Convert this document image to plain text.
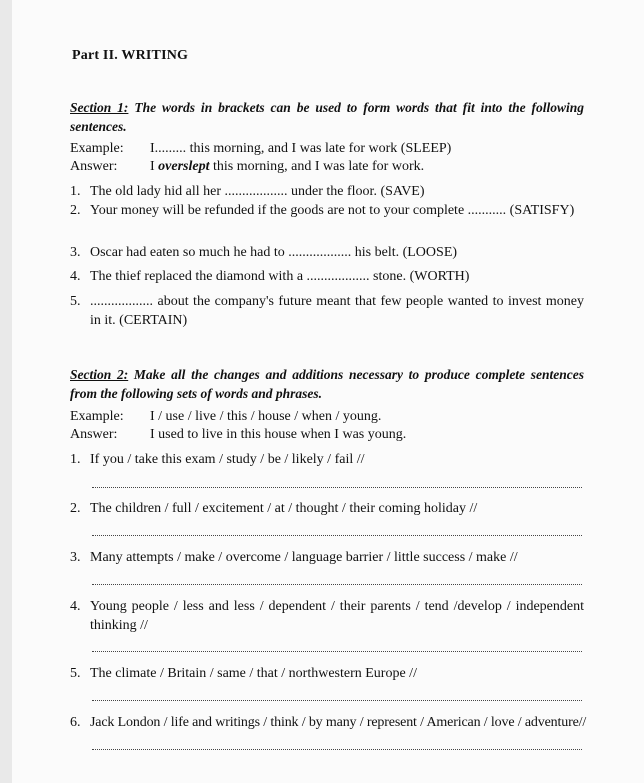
Part II. WRITING
Section 1: The words in brackets can be used to form words that fit into the following sentences.
Example: I......... this morning, and I was late for work (SLEEP)
Answer: I overslept this morning, and I was late for work.
1. The old lady hid all her .................. under the floor. (SAVE)
2. Your money will be refunded if the goods are not to your complete ........... (SATISFY)
3. Oscar had eaten so much he had to .................. his belt. (LOOSE)
4. The thief replaced the diamond with a .................. stone. (WORTH)
5. .................. about the company's future meant that few people wanted to invest money in it. (CERTAIN)
Section 2: Make all the changes and additions necessary to produce complete sentences from the following sets of words and phrases.
Example: I / use / live / this / house / when / young.
Answer: I used to live in this house when I was young.
1. If you / take this exam / study / be / likely / fail //
2. The children / full / excitement / at / thought / their coming holiday //
3. Many attempts / make / overcome / language barrier / little success / make //
4. Young people / less and less / dependent / their parents / tend /develop / independent thinking //
5. The climate / Britain / same / that / northwestern Europe //
6. Jack London / life and writings / think / by many / represent / American / love / adventure//
